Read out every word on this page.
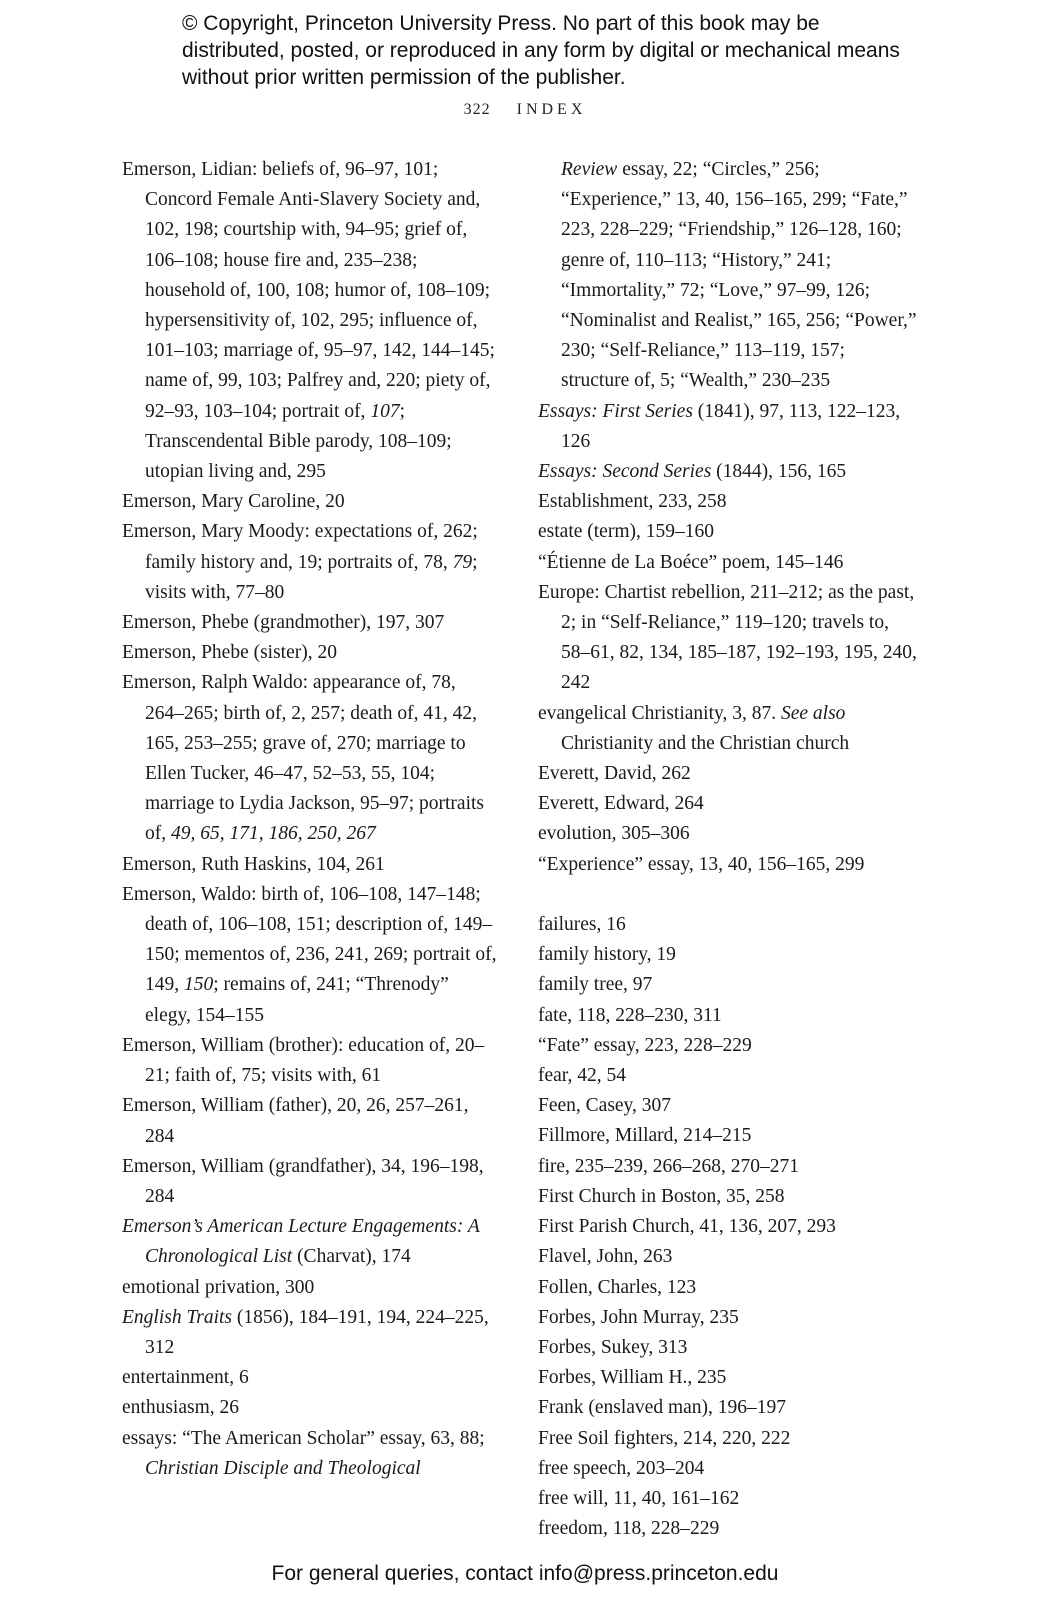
© Copyright, Princeton University Press. No part of this book may be distributed, posted, or reproduced in any form by digital or mechanical means without prior written permission of the publisher.
322 INDEX

Emerson, Lidian: beliefs of, 96–97, 101; Concord Female Anti-Slavery Society and, 102, 198; courtship with, 94–95; grief of, 106–108; house fire and, 235–238; household of, 100, 108; humor of, 108–109; hypersensitivity of, 102, 295; influence of, 101–103; marriage of, 95–97, 142, 144–145; name of, 99, 103; Palfrey and, 220; piety of, 92–93, 103–104; portrait of, 107; Transcendental Bible parody, 108–109; utopian living and, 295

Emerson, Mary Caroline, 20

Emerson, Mary Moody: expectations of, 262; family history and, 19; portraits of, 78, 79; visits with, 77–80

Emerson, Phebe (grandmother), 197, 307

Emerson, Phebe (sister), 20

Emerson, Ralph Waldo: appearance of, 78, 264–265; birth of, 2, 257; death of, 41, 42, 165, 253–255; grave of, 270; marriage to Ellen Tucker, 46–47, 52–53, 55, 104; marriage to Lydia Jackson, 95–97; portraits of, 49, 65, 171, 186, 250, 267

Emerson, Ruth Haskins, 104, 261

Emerson, Waldo: birth of, 106–108, 147–148; death of, 106–108, 151; description of, 149–150; mementos of, 236, 241, 269; portrait of, 149, 150; remains of, 241; “Threnody” elegy, 154–155

Emerson, William (brother): education of, 20–21; faith of, 75; visits with, 61

Emerson, William (father), 20, 26, 257–261, 284

Emerson, William (grandfather), 34, 196–198, 284

Emerson’s American Lecture Engagements: A Chronological List (Charvat), 174

emotional privation, 300

English Traits (1856), 184–191, 194, 224–225, 312

entertainment, 6

enthusiasm, 26

essays: “The American Scholar” essay, 63, 88; Christian Disciple and Theological

Review essay, 22; “Circles,” 256; “Experience,” 13, 40, 156–165, 299; “Fate,” 223, 228–229; “Friendship,” 126–128, 160; genre of, 110–113; “History,” 241; “Immortality,” 72; “Love,” 97–99, 126; “Nominalist and Realist,” 165, 256; “Power,” 230; “Self-Reliance,” 113–119, 157; structure of, 5; “Wealth,” 230–235

Essays: First Series (1841), 97, 113, 122–123, 126

Essays: Second Series (1844), 156, 165

Establishment, 233, 258

estate (term), 159–160

“Étienne de La Boéce” poem, 145–146

Europe: Chartist rebellion, 211–212; as the past, 2; in “Self-Reliance,” 119–120; travels to, 58–61, 82, 134, 185–187, 192–193, 195, 240, 242

evangelical Christianity, 3, 87. See also Christianity and the Christian church

Everett, David, 262

Everett, Edward, 264

evolution, 305–306

“Experience” essay, 13, 40, 156–165, 299

failures, 16

family history, 19

family tree, 97

fate, 118, 228–230, 311

“Fate” essay, 223, 228–229

fear, 42, 54

Feen, Casey, 307

Fillmore, Millard, 214–215

fire, 235–239, 266–268, 270–271

First Church in Boston, 35, 258

First Parish Church, 41, 136, 207, 293

Flavel, John, 263

Follen, Charles, 123

Forbes, John Murray, 235

Forbes, Sukey, 313

Forbes, William H., 235

Frank (enslaved man), 196–197

Free Soil fighters, 214, 220, 222

free speech, 203–204

free will, 11, 40, 161–162

freedom, 118, 228–229

For general queries, contact info@press.princeton.edu
